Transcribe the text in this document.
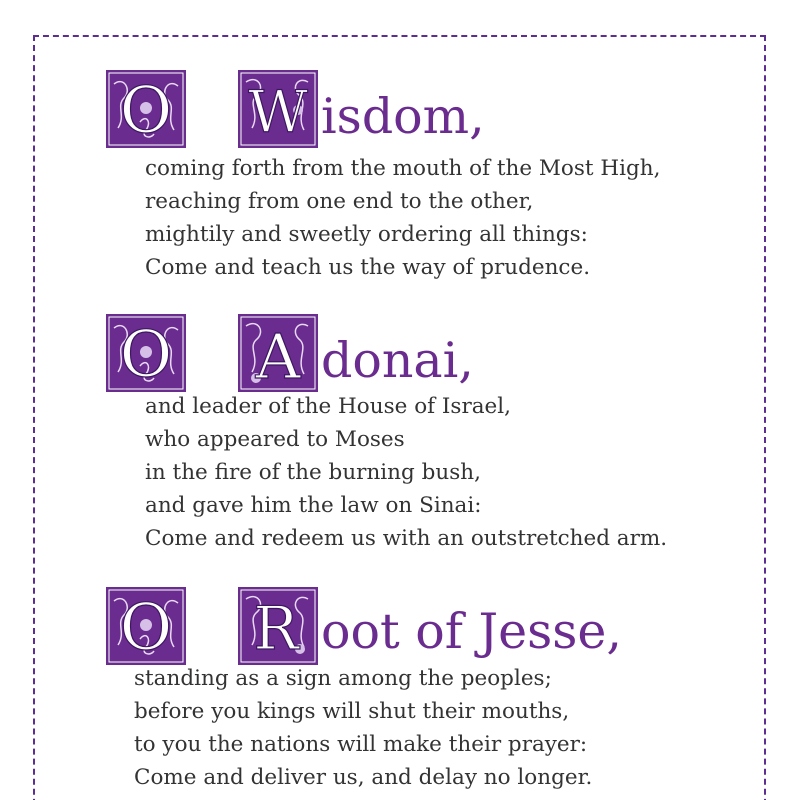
O W isdom,
coming forth from the mouth of the Most High,
reaching from one end to the other,
mightily and sweetly ordering all things:
Come and teach us the way of prudence.
O A donai,
and leader of the House of Israel,
who appeared to Moses
in the fire of the burning bush,
and gave him the law on Sinai:
Come and redeem us with an outstretched arm.
O R oot of Jesse,
standing as a sign among the peoples;
before you kings will shut their mouths,
to you the nations will make their prayer:
Come and deliver us, and delay no longer.
